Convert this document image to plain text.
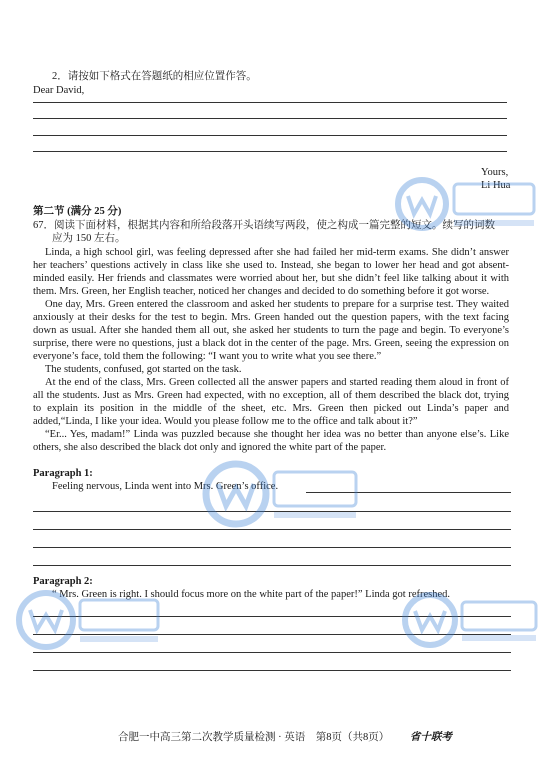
2．请按如下格式在答题纸的相应位置作答。
Dear David,
Yours,
Li Hua
第二节 (满分 25 分)
67．阅读下面材料，根据其内容和所给段落开头语续写两段，使之构成一篇完整的短文。续写的词数
应为 150 左右。

Linda, a high school girl, was feeling depressed after she had failed her mid-term exams. She didn’t answer her teachers’ questions actively in class like she used to. Instead, she began to lower her head and got absent-minded easily. Her friends and classmates were worried about her, but she didn’t feel like talking about it with them. Mrs. Green, her English teacher, noticed her changes and decided to do something before it got worse.

One day, Mrs. Green entered the classroom and asked her students to prepare for a surprise test. They waited anxiously at their desks for the test to begin. Mrs. Green handed out the question papers, with the text facing down as usual. After she handed them all out, she asked her students to turn the page and begin. To everyone’s surprise, there were no questions, just a black dot in the center of the page. Mrs. Green, seeing the expression on everyone’s face, told them the following: “I want you to write what you see there.”

The students, confused, got started on the task.

At the end of the class, Mrs. Green collected all the answer papers and started reading them aloud in front of all the students. Just as Mrs. Green had expected, with no exception, all of them described the black dot, trying to explain its position in the middle of the sheet, etc. Mrs. Green then picked out Linda’s paper and added,“Linda, I like your idea. Would you please follow me to the office and talk about it?”

“Er... Yes, madam!” Linda was puzzled because she thought her idea was no better than anyone else’s. Like others, she also described the black dot only and ignored the white part of the paper.

Paragraph 1:
Feeling nervous, Linda went into Mrs. Green’s office.
Paragraph 2:
“ Mrs. Green is right. I should focus more on the white part of the paper!” Linda got refreshed.
合肥一中高三第二次教学质量检测 · 英语　第8页（共8页） 省十联考
